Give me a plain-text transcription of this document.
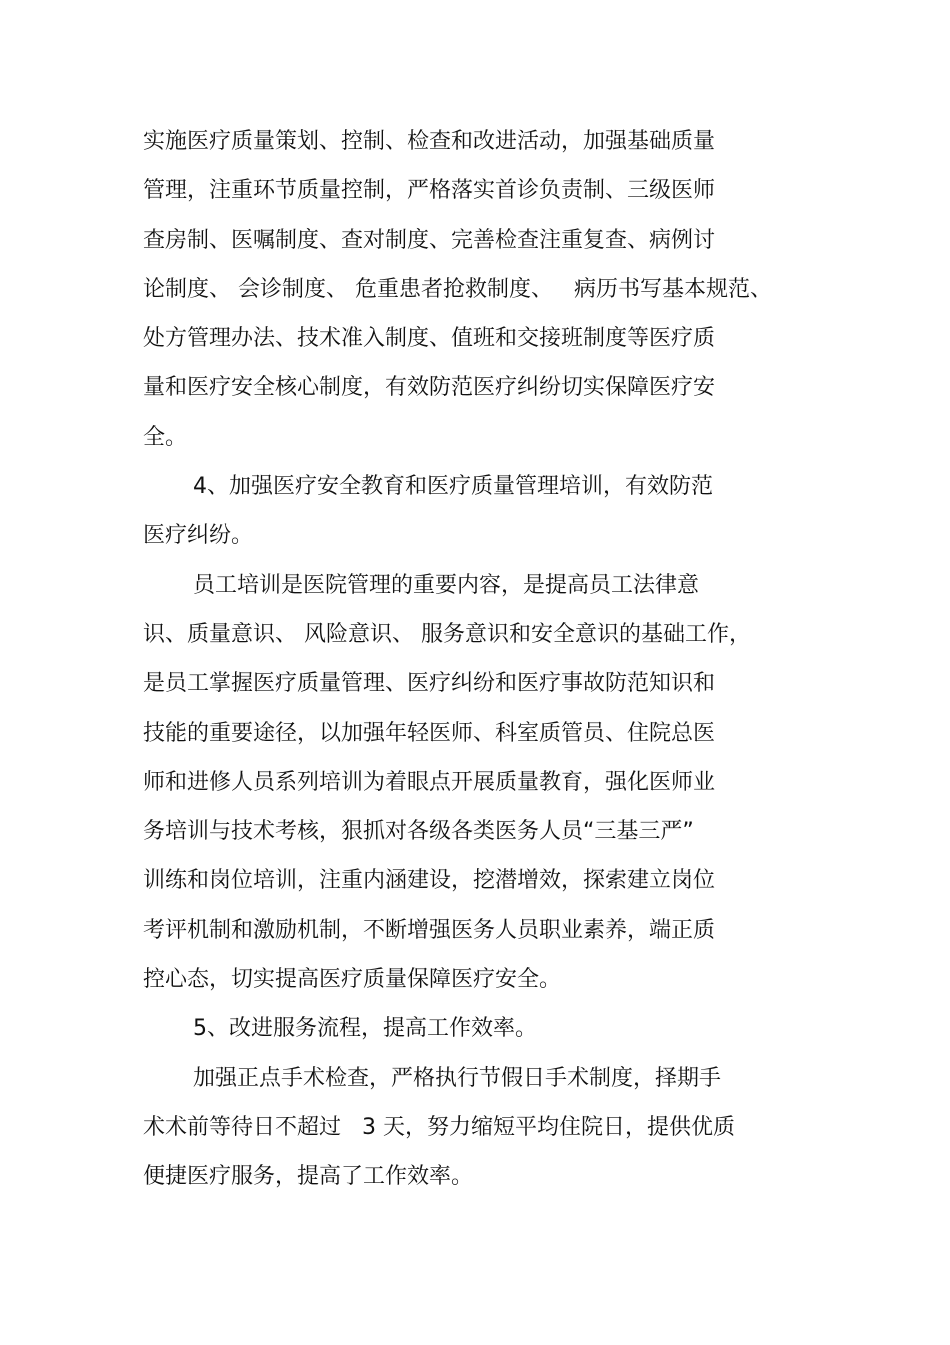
实施医疗质量策划、控制、检查和改进活动，加强基础质量
管理，注重环节质量控制，严格落实首诊负责制、三级医师
查房制、医嘱制度、查对制度、完善检查注重复查、病例讨
论制度、 会诊制度、 危重患者抢救制度、   病历书写基本规范、
处方管理办法、技术准入制度、值班和交接班制度等医疗质
量和医疗安全核心制度，有效防范医疗纠纷切实保障医疗安
全。
4、加强医疗安全教育和医疗质量管理培训，有效防范
医疗纠纷。
员工培训是医院管理的重要内容，是提高员工法律意
识、质量意识、 风险意识、 服务意识和安全意识的基础工作，
是员工掌握医疗质量管理、医疗纠纷和医疗事故防范知识和
技能的重要途径，以加强年轻医师、科室质管员、住院总医
师和进修人员系列培训为着眼点开展质量教育，强化医师业
务培训与技术考核，狠抓对各级各类医务人员“三基三严”
训练和岗位培训，注重内涵建设，挖潜增效，探索建立岗位
考评机制和激励机制，不断增强医务人员职业素养，端正质
控心态，切实提高医疗质量保障医疗安全。
5、改进服务流程，提高工作效率。
加强正点手术检查，严格执行节假日手术制度，择期手
术术前等待日不超过   3 天，努力缩短平均住院日，提供优质
便捷医疗服务，提高了工作效率。
